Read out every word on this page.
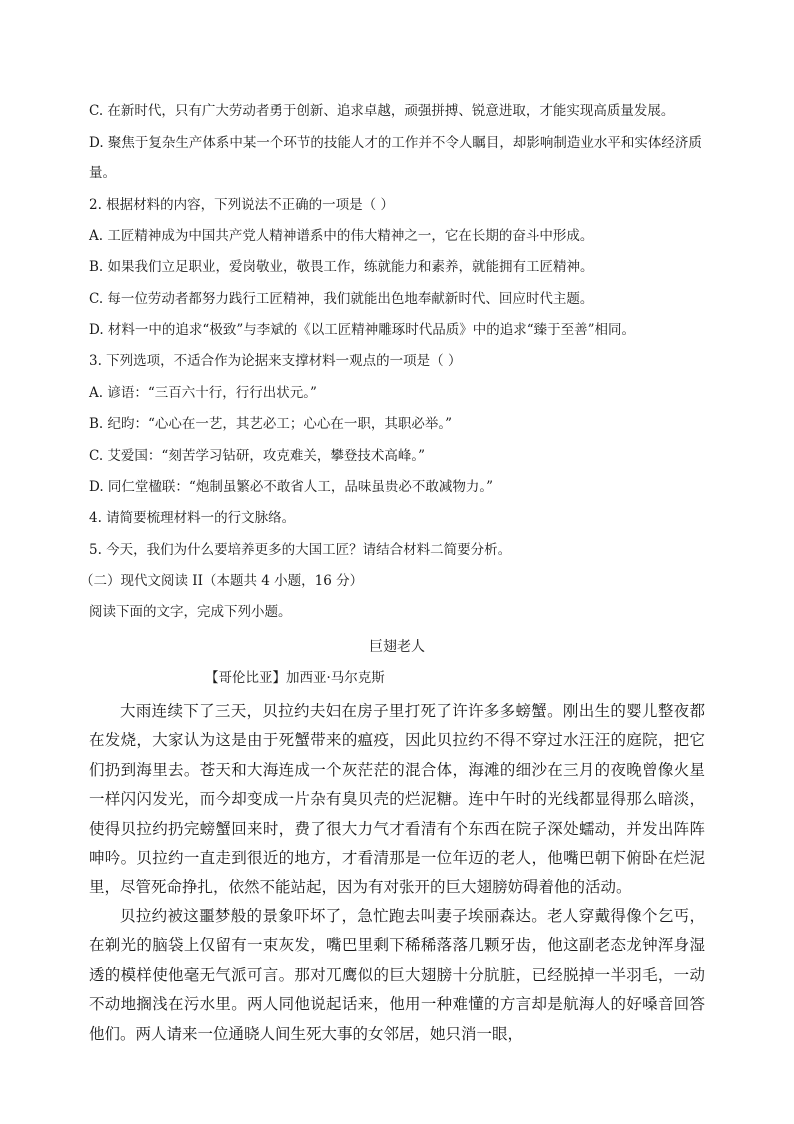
C. 在新时代，只有广大劳动者勇于创新、追求卓越，顽强拼搏、锐意进取，才能实现高质量发展。

D. 聚焦于复杂生产体系中某一个环节的技能人才的工作并不令人瞩目，却影响制造业水平和实体经济质

量。

2. 根据材料的内容，下列说法不正确的一项是（ ）

A. 工匠精神成为中国共产党人精神谱系中的伟大精神之一，它在长期的奋斗中形成。

B. 如果我们立足职业，爱岗敬业，敬畏工作，练就能力和素养，就能拥有工匠精神。

C. 每一位劳动者都努力践行工匠精神，我们就能出色地奉献新时代、回应时代主题。

D. 材料一中的追求“极致”与李斌的《以工匠精神雕琢时代品质》中的追求“臻于至善”相同。

3. 下列选项，不适合作为论据来支撑材料一观点的一项是（ ）

A. 谚语：“三百六十行，行行出状元。”

B. 纪昀：“心心在一艺，其艺必工；心心在一职，其职必举。”

C. 艾爱国：“刻苦学习钻研，攻克难关，攀登技术高峰。”

D. 同仁堂楹联：“炮制虽繁必不敢省人工，品味虽贵必不敢减物力。”

4. 请简要梳理材料一的行文脉络。

5. 今天，我们为什么要培养更多的大国工匠？请结合材料二简要分析。

（二）现代文阅读 II（本题共 4 小题，16 分）

阅读下面的文字，完成下列小题。

巨翅老人

【哥伦比亚】加西亚·马尔克斯

大雨连续下了三天，贝拉约夫妇在房子里打死了许许多多螃蟹。刚出生的婴儿整夜都在发烧，大家认为这是由于死蟹带来的瘟疫，因此贝拉约不得不穿过水汪汪的庭院，把它们扔到海里去。苍天和大海连成一个灰茫茫的混合体，海滩的细沙在三月的夜晚曾像火星一样闪闪发光，而今却变成一片杂有臭贝壳的烂泥糖。连中午时的光线都显得那么暗淡，使得贝拉约扔完螃蟹回来时，费了很大力气才看清有个东西在院子深处蠕动，并发出阵阵呻吟。贝拉约一直走到很近的地方，才看清那是一位年迈的老人，他嘴巴朝下俯卧在烂泥里，尽管死命挣扎，依然不能站起，因为有对张开的巨大翅膀妨碍着他的活动。

贝拉约被这噩梦般的景象吓坏了，急忙跑去叫妻子埃丽森达。老人穿戴得像个乞丐，在剃光的脑袋上仅留有一束灰发，嘴巴里剩下稀稀落落几颗牙齿，他这副老态龙钟浑身湿透的模样使他毫无气派可言。那对兀鹰似的巨大翅膀十分肮脏，已经脱掉一半羽毛，一动不动地搁浅在污水里。两人同他说起话来，他用一种难懂的方言却是航海人的好嗓音回答他们。两人请来一位通晓人间生死大事的女邻居，她只消一眼，
